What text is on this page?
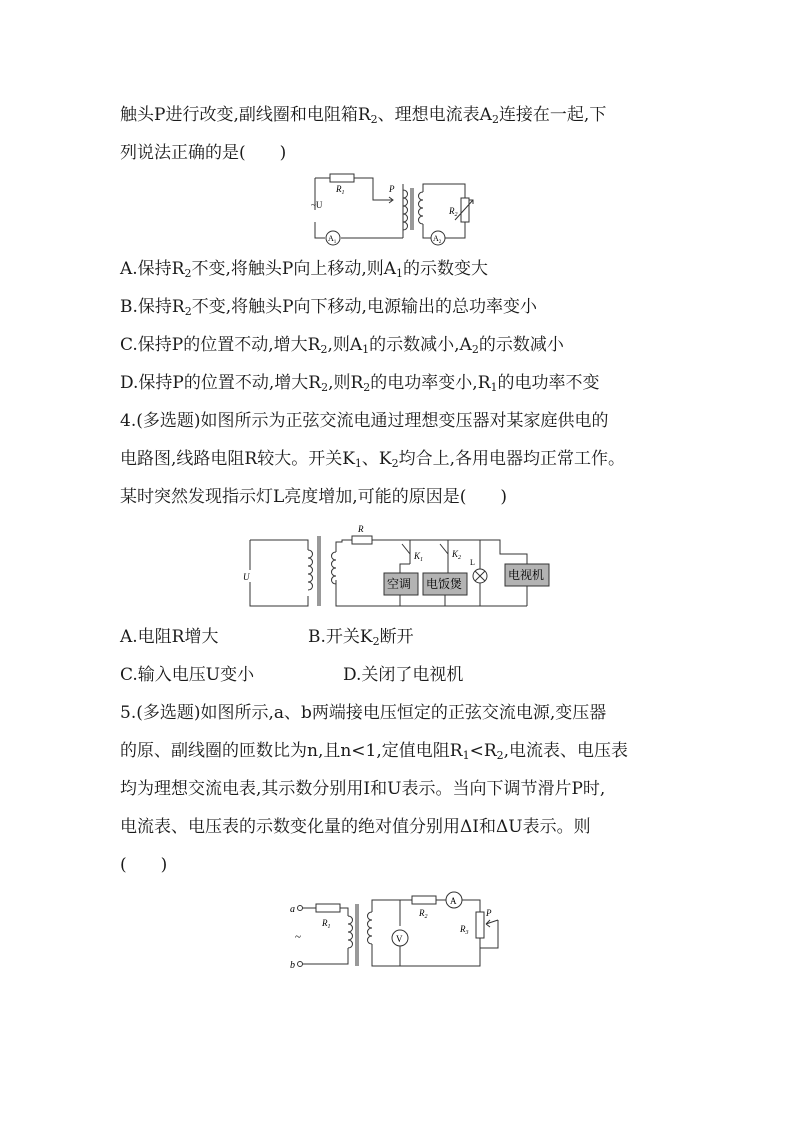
触头P进行改变,副线圈和电阻箱$R_2$、理想电流表$A_2$连接在一起,下
列说法正确的是(　　)
~U
$R_1$	P
$R_2$
$A_1$	$A_2$
A.保持$R_2$不变,将触头P向上移动,则$A_1$的示数变大
B.保持$R_2$不变,将触头P向下移动,电源输出的总功率变小
C.保持P的位置不动,增大$R_2$,则$A_1$的示数减小$,A_2$的示数减小
D.保持P的位置不动,增大$R_2$,则$R_2$的电功率变小$,R_1$的电功率不变
4.(多选题)如图所示为正弦交流电通过理想变压器对某家庭供电的
电路图,线路电阻R较大。开关$K_1$、$K_2$均合上,各用电器均正常工作。
某时突然发现指示灯L亮度增加,可能的原因是(　　)
U
R
$K_1$
$K_2$ L
空调 电饭煲
电视机
A.电阻R增大	B.开关$K_2$断开
C.输入电压U变小	D.关闭了电视机
5.(多选题)如图所示,a、b两端接电压恒定的正弦交流电源,变压器
的原、副线圈的匝数比为n,且n<1,定值电阻$R_1<R_2$,电流表、电压表
均为理想交流电表,其示数分别用I和U表示。当向下调节滑片P时,
电流表、电压表的示数变化量的绝对值分别用ΔI和ΔU表示。则
(　　)
a
b
~
$R_1$
$R_2$
$R_3$
P
V
A
